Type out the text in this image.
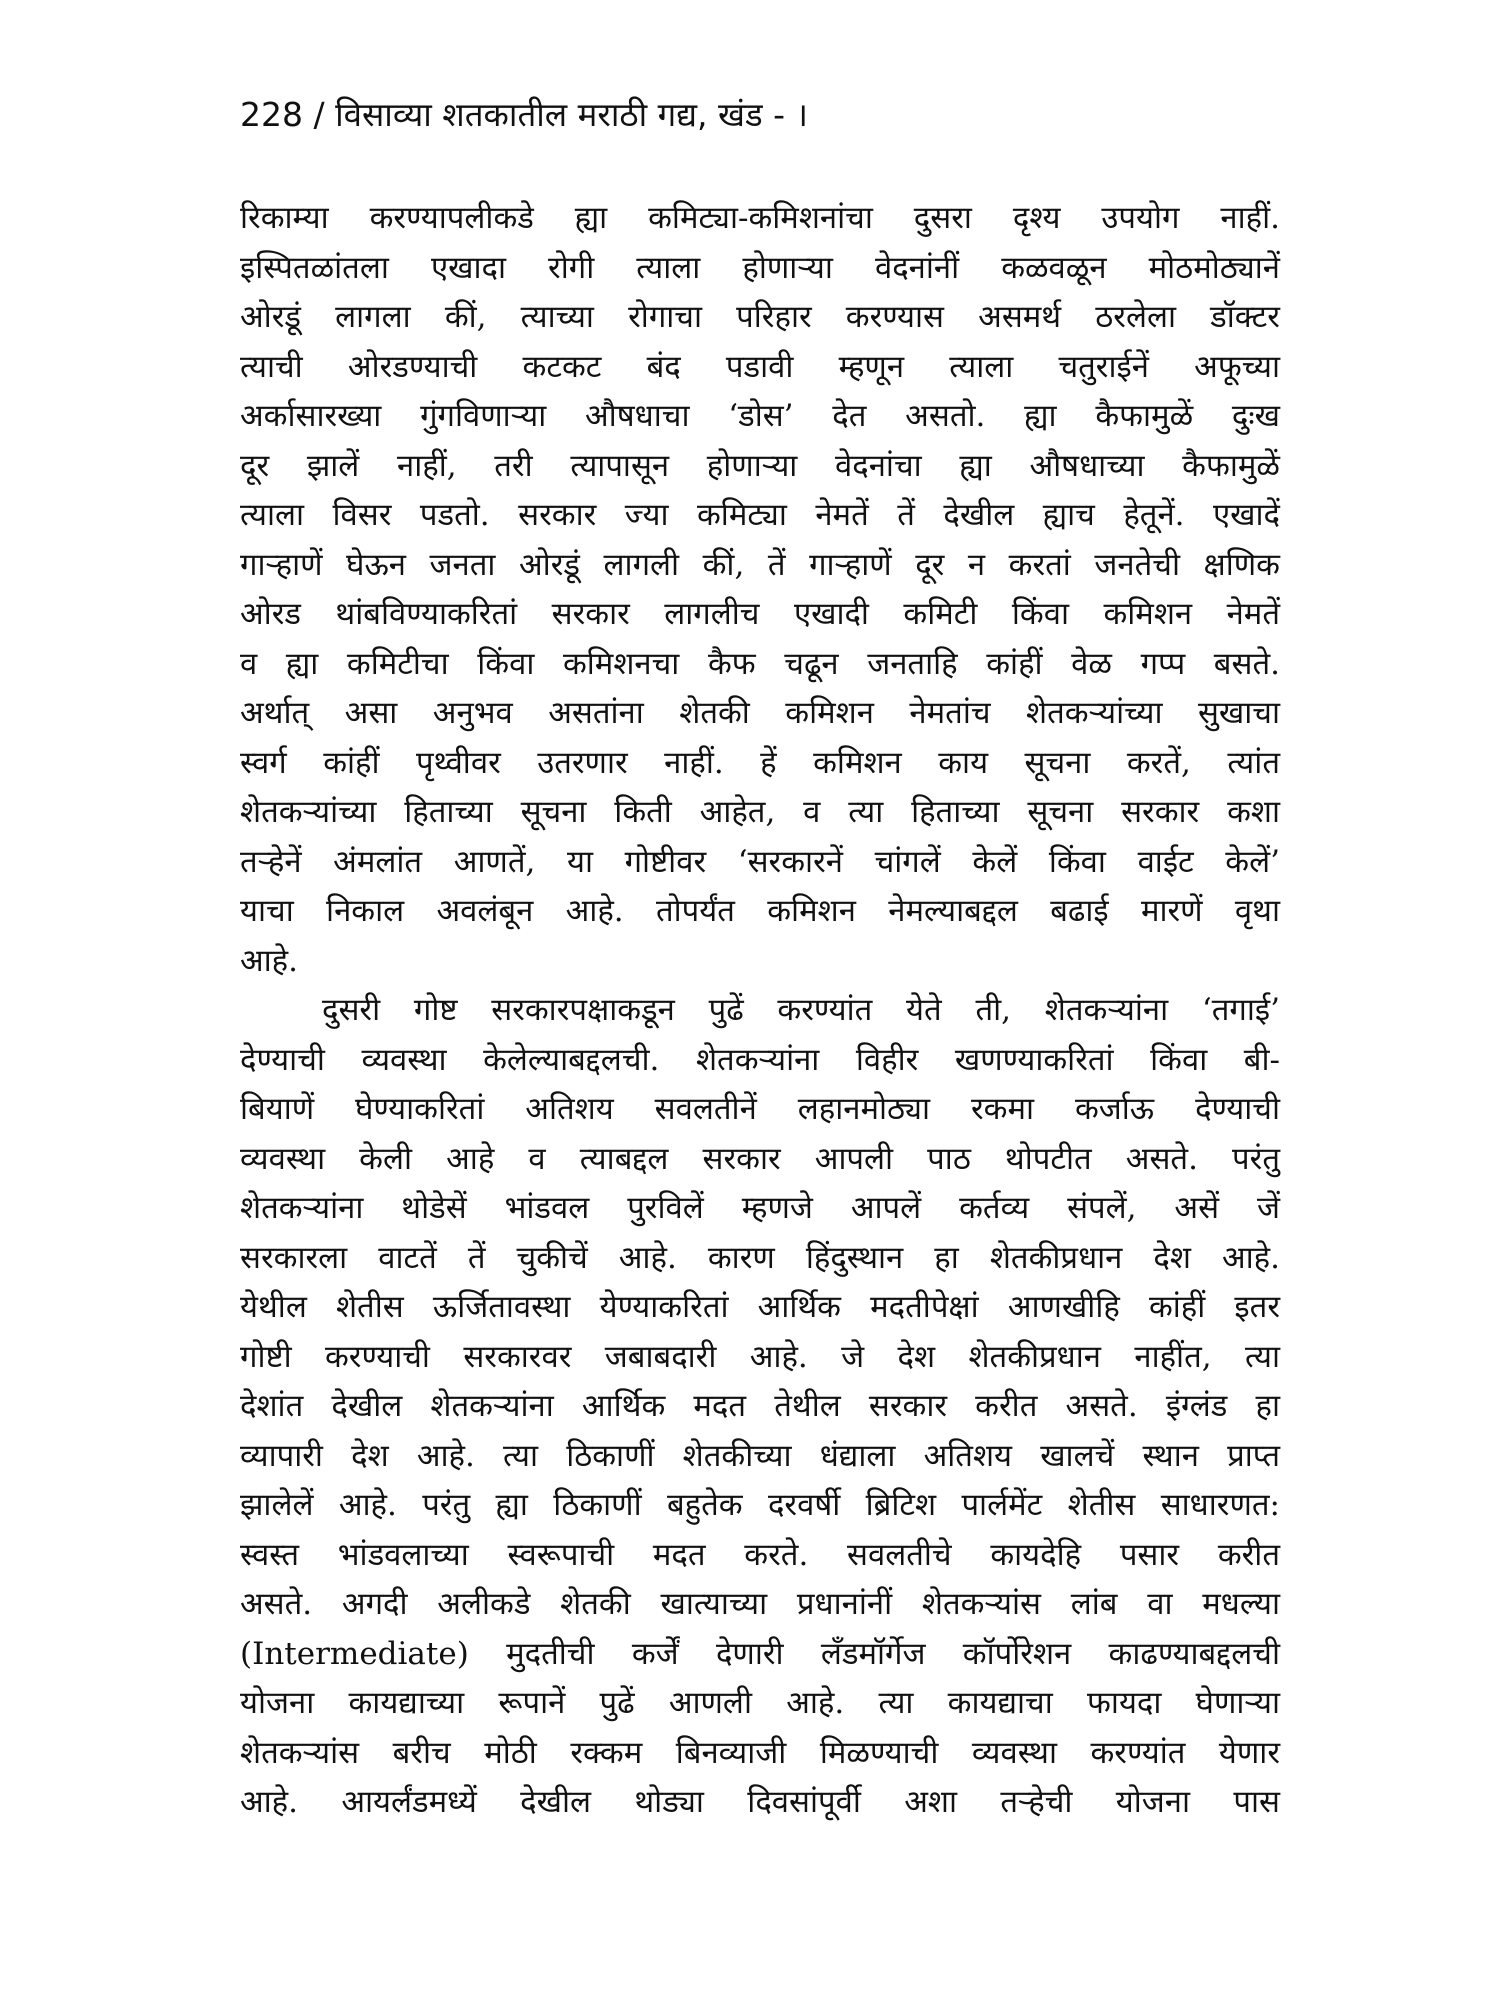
228 / विसाव्या शतकातील मराठी गद्य, खंड - ।
रिकाम्या करण्यापलीकडे ह्या कमिट्या-कमिशनांचा दुसरा दृश्य उपयोग नाहीं.
इस्पितळांतला एखादा रोगी त्याला होणाऱ्या वेदनांनीं कळवळून मोठमोठ्यानें
ओरडूं लागला कीं, त्याच्या रोगाचा परिहार करण्यास असमर्थ ठरलेला डॉक्टर
त्याची ओरडण्याची कटकट बंद पडावी म्हणून त्याला चतुराईनें अफूच्या
अर्कासारख्या गुंगविणाऱ्या औषधाचा ‘डोस’ देत असतो. ह्या कैफामुळें दुःख
दूर झालें नाहीं, तरी त्यापासून होणाऱ्या वेदनांचा ह्या औषधाच्या कैफामुळें
त्याला विसर पडतो. सरकार ज्या कमिट्या नेमतें तें देखील ह्याच हेतूनें. एखादें
गाऱ्हाणें घेऊन जनता ओरडूं लागली कीं, तें गाऱ्हाणें दूर न करतां जनतेची क्षणिक
ओरड थांबविण्याकरितां सरकार लागलीच एखादी कमिटी किंवा कमिशन नेमतें
व ह्या कमिटीचा किंवा कमिशनचा कैफ चढून जनताहि कांहीं वेळ गप्प बसते.
अर्थात् असा अनुभव असतांना शेतकी कमिशन नेमतांच शेतकऱ्यांच्या सुखाचा
स्वर्ग कांहीं पृथ्वीवर उतरणार नाहीं. हें कमिशन काय सूचना करतें, त्यांत
शेतकऱ्यांच्या हिताच्या सूचना किती आहेत, व त्या हिताच्या सूचना सरकार कशा
तऱ्हेनें अंमलांत आणतें, या गोष्टीवर ‘सरकारनें चांगलें केलें किंवा वाईट केलें’
याचा निकाल अवलंबून आहे. तोपर्यंत कमिशन नेमल्याबद्दल बढाई मारणें वृथा
आहे.
दुसरी गोष्ट सरकारपक्षाकडून पुढें करण्यांत येते ती, शेतकऱ्यांना ‘तगाई’
देण्याची व्यवस्था केलेल्याबद्दलची. शेतकऱ्यांना विहीर खणण्याकरितां किंवा बी-
बियाणें घेण्याकरितां अतिशय सवलतीनें लहानमोठ्या रकमा कर्जाऊ देण्याची
व्यवस्था केली आहे व त्याबद्दल सरकार आपली पाठ थोपटीत असते. परंतु
शेतकऱ्यांना थोडेसें भांडवल पुरविलें म्हणजे आपलें कर्तव्य संपलें, असें जें
सरकारला वाटतें तें चुकीचें आहे. कारण हिंदुस्थान हा शेतकीप्रधान देश आहे.
येथील शेतीस ऊर्जितावस्था येण्याकरितां आर्थिक मदतीपेक्षां आणखीहि कांहीं इतर
गोष्टी करण्याची सरकारवर जबाबदारी आहे. जे देश शेतकीप्रधान नाहींत, त्या
देशांत देखील शेतकऱ्यांना आर्थिक मदत तेथील सरकार करीत असते. इंग्लंड हा
व्यापारी देश आहे. त्या ठिकाणीं शेतकीच्या धंद्याला अतिशय खालचें स्थान प्राप्त
झालेलें आहे. परंतु ह्या ठिकाणीं बहुतेक दरवर्षी ब्रिटिश पार्लमेंट शेतीस साधारणत:
स्वस्त भांडवलाच्या स्वरूपाची मदत करते. सवलतीचे कायदेहि पसार करीत
असते. अगदी अलीकडे शेतकी खात्याच्या प्रधानांनीं शेतकऱ्यांस लांब वा मधल्या
(Intermediate) मुदतीची कर्जें देणारी लँडमॉर्गेज कॉर्पोरेशन काढण्याबद्दलची
योजना कायद्याच्या रूपानें पुढें आणली आहे. त्या कायद्याचा फायदा घेणाऱ्या
शेतकऱ्यांस बरीच मोठी रक्कम बिनव्याजी मिळण्याची व्यवस्था करण्यांत येणार
आहे. आयर्लंडमध्यें देखील थोड्या दिवसांपूर्वी अशा तऱ्हेची योजना पास
